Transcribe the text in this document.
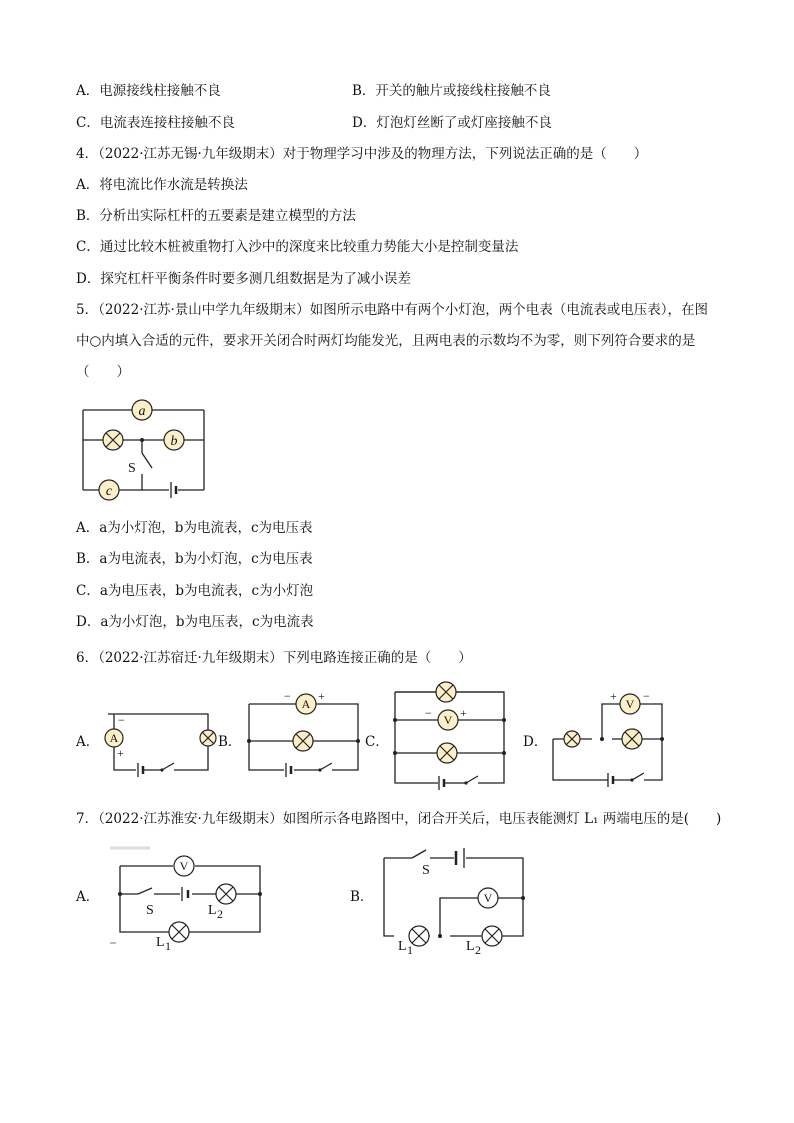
A．电源接线柱接触不良	B．开关的触片或接线柱接触不良
C．电流表连接柱接触不良	D．灯泡灯丝断了或灯座接触不良
4．（2022·江苏无锡·九年级期末）对于物理学习中涉及的物理方法，下列说法正确的是（　　）
A．将电流比作水流是转换法
B．分析出实际杠杆的五要素是建立模型的方法
C．通过比较木桩被重物打入沙中的深度来比较重力势能大小是控制变量法
D．探究杠杆平衡条件时要多测几组数据是为了减小误差
5．（2022·江苏·景山中学九年级期末）如图所示电路中有两个小灯泡，两个电表（电流表或电压表），在图
中○内填入合适的元件，要求开关闭合时两灯均能发光，且两电表的示数均不为零，则下列符合要求的是
（　　）
a
b
S
c
A．a为小灯泡，b为电流表，c为电压表
B．a为电流表，b为小灯泡，c为电压表
C．a为电压表，b为电流表，c为小灯泡
D．a为小灯泡，b为电压表，c为电流表
6．（2022·江苏宿迁·九年级期末）下列电路连接正确的是（　　）
A． A
−
+
B．
A
− +
C．
V
− +
D．
V
+ −
7．（2022·江苏淮安·九年级期末）如图所示各电路图中，闭合开关后，电压表能测灯 L₁ 两端电压的是(　　)
A．
V
S	L 2
L 1
B．	V
S
L 1	L 2
